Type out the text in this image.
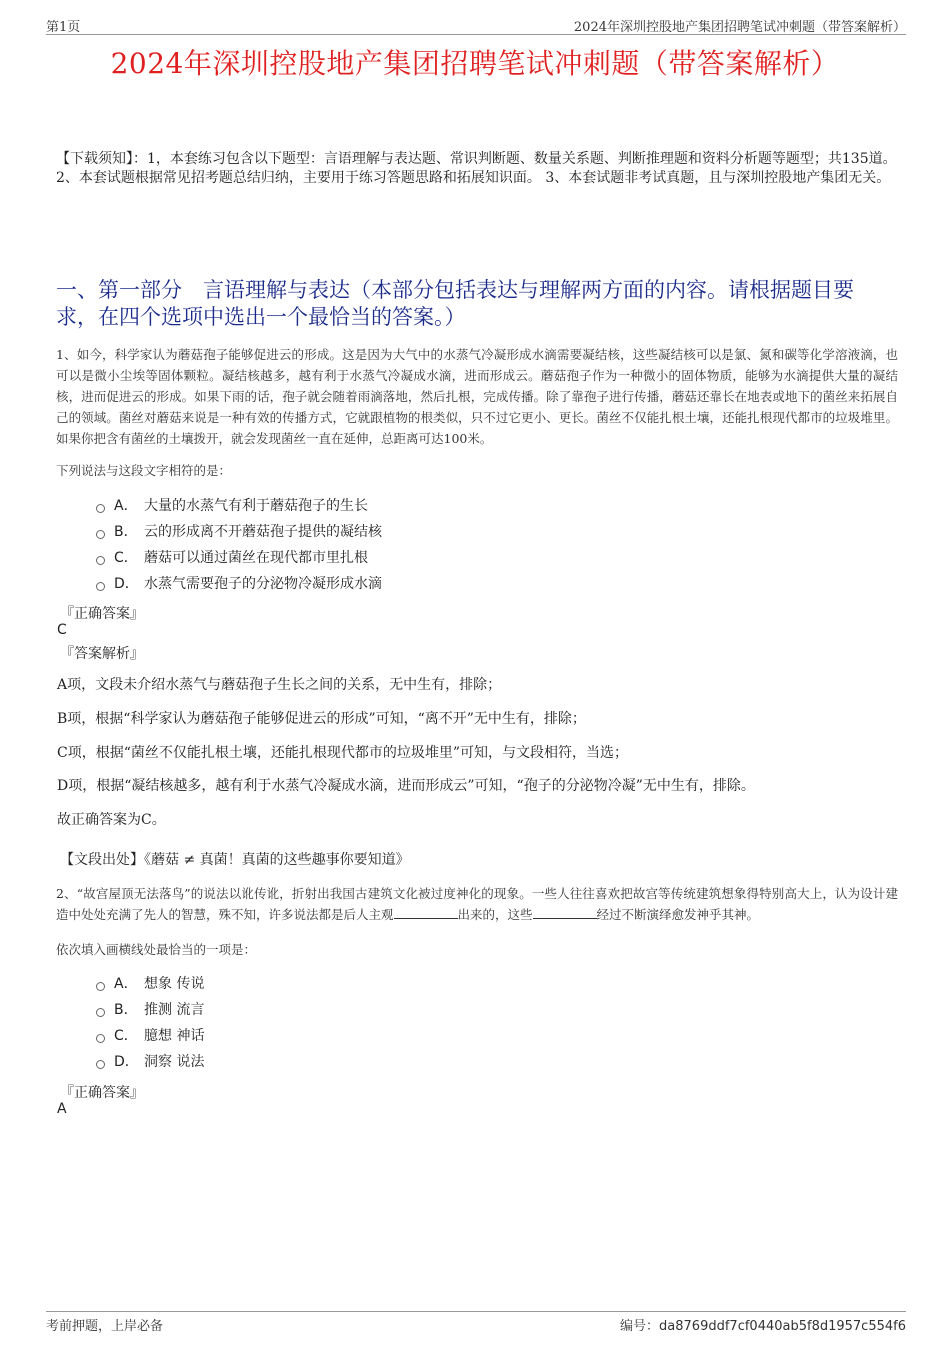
第1页	2024年深圳控股地产集团招聘笔试冲刺题（带答案解析）
2024年深圳控股地产集团招聘笔试冲刺题（带答案解析）
【下载须知】：1，本套练习包含以下题型：言语理解与表达题、常识判断题、数量关系题、判断推理题和资料分析题等题型；共135道。 2、本套试题根据常见招考题总结归纳，主要用于练习答题思路和拓展知识面。 3、本套试题非考试真题，且与深圳控股地产集团无关。
一、第一部分　言语理解与表达（本部分包括表达与理解两方面的内容。请根据题目要求，在四个选项中选出一个最恰当的答案。）
1、如今，科学家认为蘑菇孢子能够促进云的形成。这是因为大气中的水蒸气冷凝形成水滴需要凝结核，这些凝结核可以是氯、氮和碳等化学溶液滴，也可以是微小尘埃等固体颗粒。凝结核越多，越有利于水蒸气冷凝成水滴，进而形成云。蘑菇孢子作为一种微小的固体物质，能够为水滴提供大量的凝结核，进而促进云的形成。如果下雨的话，孢子就会随着雨滴落地，然后扎根，完成传播。除了靠孢子进行传播，蘑菇还靠长在地表或地下的菌丝来拓展自己的领域。菌丝对蘑菇来说是一种有效的传播方式，它就跟植物的根类似，只不过它更小、更长。菌丝不仅能扎根土壤，还能扎根现代都市的垃圾堆里。如果你把含有菌丝的土壤拨开，就会发现菌丝一直在延伸，总距离可达100米。
下列说法与这段文字相符的是：
A． 大量的水蒸气有利于蘑菇孢子的生长
B． 云的形成离不开蘑菇孢子提供的凝结核
C． 蘑菇可以通过菌丝在现代都市里扎根
D． 水蒸气需要孢子的分泌物冷凝形成水滴
『正确答案』
C
『答案解析』
A项，文段未介绍水蒸气与蘑菇孢子生长之间的关系，无中生有，排除；
B项，根据“科学家认为蘑菇孢子能够促进云的形成”可知，“离不开”无中生有，排除；
C项，根据“菌丝不仅能扎根土壤，还能扎根现代都市的垃圾堆里”可知，与文段相符，当选；
D项，根据“凝结核越多，越有利于水蒸气冷凝成水滴，进而形成云”可知，“孢子的分泌物冷凝”无中生有，排除。
故正确答案为C。
【文段出处】《蘑菇 ≠ 真菌！真菌的这些趣事你要知道》
2、“故宫屋顶无法落鸟”的说法以讹传讹，折射出我国古建筑文化被过度神化的现象。一些人往往喜欢把故宫等传统建筑想象得特别高大上，认为设计建造中处处充满了先人的智慧，殊不知，许多说法都是后人主观	出来的，这些	经过不断演绎愈发神乎其神。
依次填入画横线处最恰当的一项是：
A． 想象 传说
B． 推测 流言
C． 臆想 神话
D． 洞察 说法
『正确答案』
A
考前押题，上岸必备	编号：da8769ddf7cf0440ab5f8d1957c554f6
